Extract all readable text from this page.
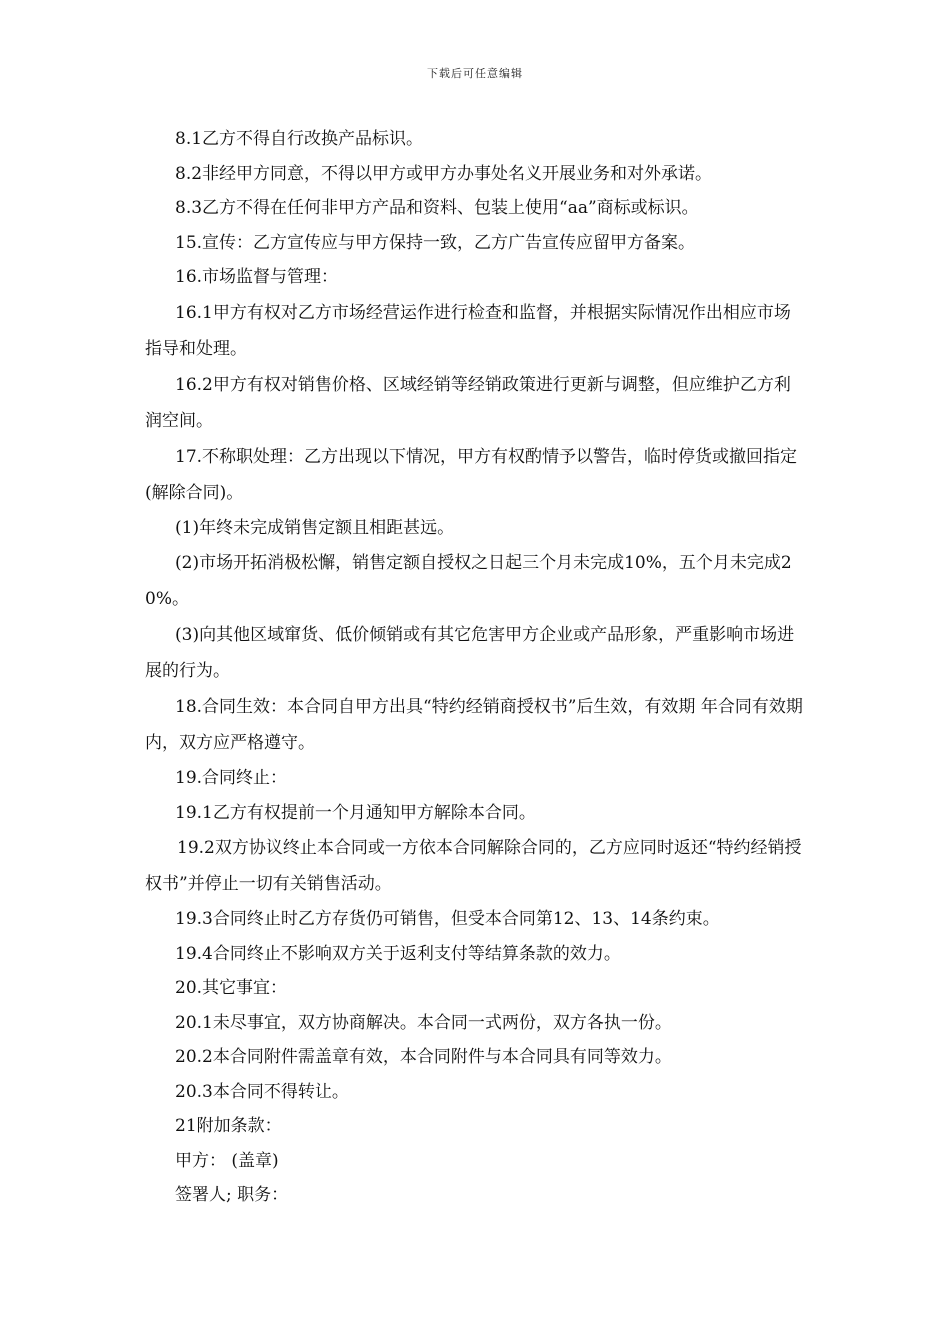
下载后可任意编辑

8.1乙方不得自行改换产品标识。

8.2非经甲方同意，不得以甲方或甲方办事处名义开展业务和对外承诺。

8.3乙方不得在任何非甲方产品和资料、包装上使用“aa”商标或标识。

15.宣传：乙方宣传应与甲方保持一致，乙方广告宣传应留甲方备案。

16.市场监督与管理：

16.1甲方有权对乙方市场经营运作进行检查和监督，并根据实际情况作出相应市场指导和处理。

16.2甲方有权对销售价格、区域经销等经销政策进行更新与调整，但应维护乙方利润空间。

17.不称职处理：乙方出现以下情况，甲方有权酌情予以警告，临时停货或撤回指定(解除合同)。

(1)年终未完成销售定额且相距甚远。

(2)市场开拓消极松懈，销售定额自授权之日起三个月未完成10%，五个月未完成20%。

(3)向其他区域窜货、低价倾销或有其它危害甲方企业或产品形象，严重影响市场进展的行为。

18.合同生效：本合同自甲方出具“特约经销商授权书”后生效，有效期 年合同有效期内，双方应严格遵守。

19.合同终止：

19.1乙方有权提前一个月通知甲方解除本合同。

19.2双方协议终止本合同或一方依本合同解除合同的，乙方应同时返还“特约经销授权书”并停止一切有关销售活动。

19.3合同终止时乙方存货仍可销售，但受本合同第12、13、14条约束。

19.4合同终止不影响双方关于返利支付等结算条款的效力。

20.其它事宜：

20.1未尽事宜，双方协商解决。本合同一式两份，双方各执一份。

20.2本合同附件需盖章有效，本合同附件与本合同具有同等效力。

20.3本合同不得转让。

21附加条款：

甲方： (盖章)

签署人; 职务：
